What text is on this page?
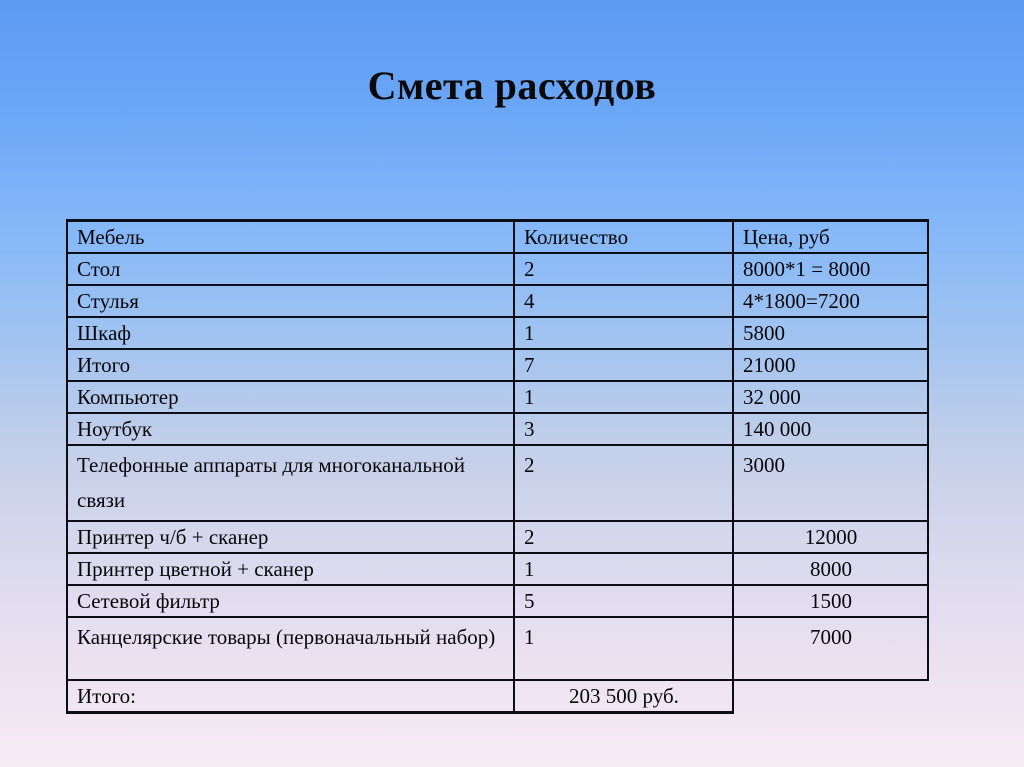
Смета расходов
Мебель	Количество	Цена, руб
Стол	2	8000*1 = 8000
Стулья	4	4*1800=7200
Шкаф	1	5800
Итого	7	21000
Компьютер	1	32 000
Ноутбук	3	140 000
Телефонные аппараты для многоканальной связи	2	3000
Принтер ч/б + сканер	2	12000
Принтер цветной + сканер	1	8000
Сетевой фильтр	5	1500
Канцелярские товары (первоначальный набор)	1	7000
Итого:	203 500 руб.	
